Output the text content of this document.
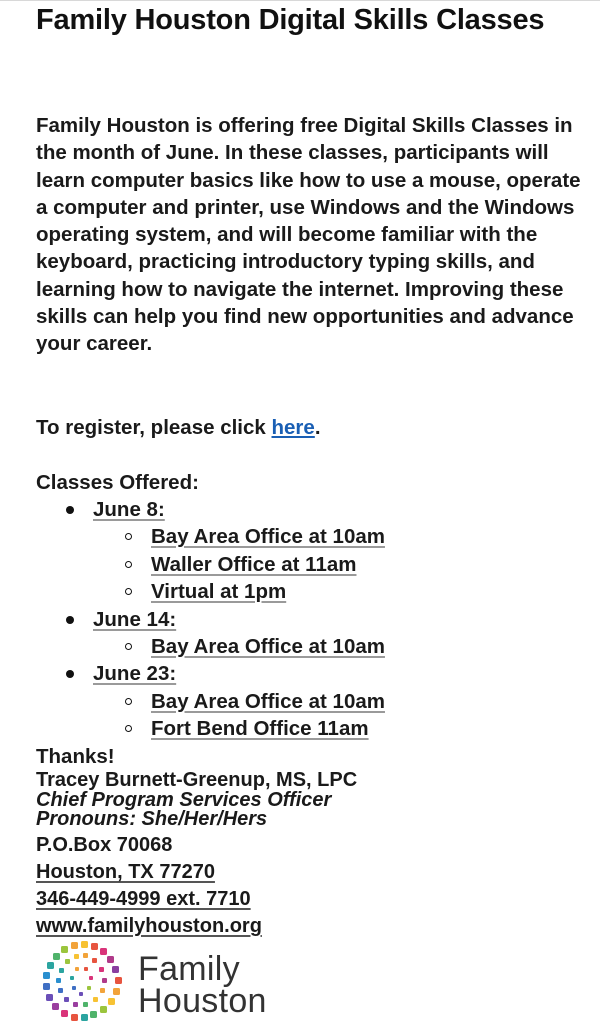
Family Houston Digital Skills Classes

Family Houston is offering free Digital Skills Classes in the month of June. In these classes, participants will learn computer basics like how to use a mouse, operate a computer and printer, use Windows and the Windows operating system, and will become familiar with the keyboard, practicing introductory typing skills, and learning how to navigate the internet. Improving these skills can help you find new opportunities and advance your career.

To register, please click here.

Classes Offered:

June 8:
Bay Area Office at 10am
Waller Office at 11am
Virtual at 1pm
June 14:
Bay Area Office at 10am
June 23:
Bay Area Office at 10am
Fort Bend Office 11am

Thanks!

Tracey Burnett-Greenup, MS, LPC

Chief Program Services Officer

Pronouns: She/Her/Hers

P.O.Box 70068

Houston, TX 77270

346-449-4999 ext. 7710

www.familyhouston.org

Family

Houston
